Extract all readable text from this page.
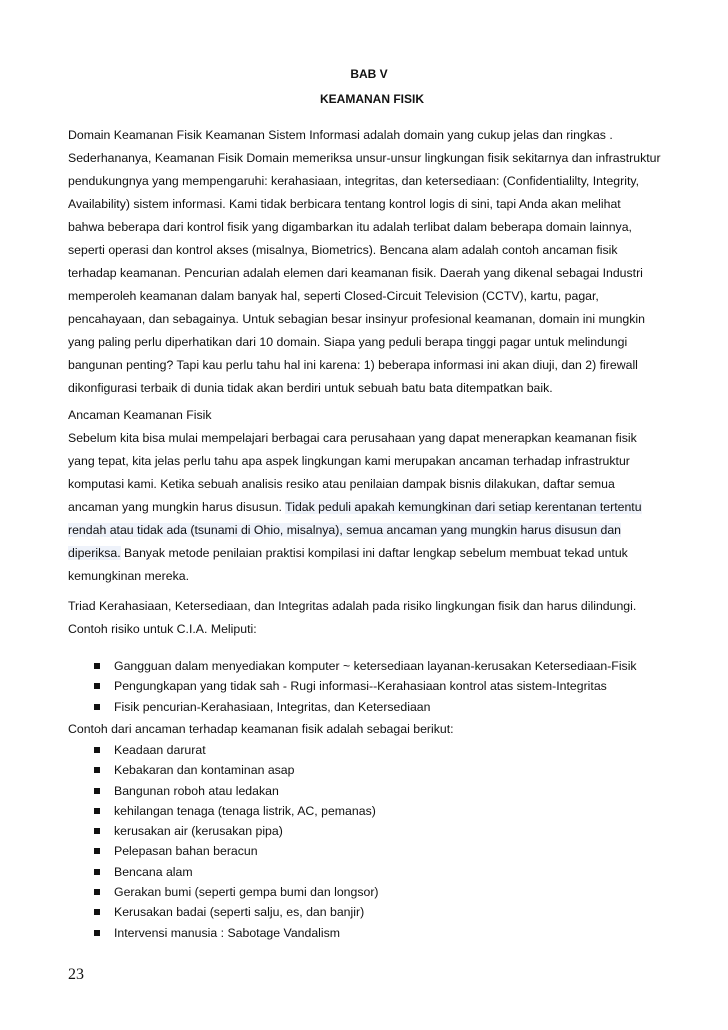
BAB V
KEAMANAN FISIK
Domain Keamanan Fisik Keamanan Sistem Informasi adalah domain yang cukup jelas dan ringkas .
Sederhananya, Keamanan Fisik Domain memeriksa unsur-unsur lingkungan fisik sekitarnya dan infrastruktur
pendukungnya yang mempengaruhi: kerahasiaan, integritas, dan ketersediaan: (Confidentialilty, Integrity,
Availability) sistem informasi. Kami tidak berbicara tentang kontrol logis di sini, tapi Anda akan melihat
bahwa beberapa dari kontrol fisik yang digambarkan itu adalah terlibat dalam beberapa domain lainnya,
seperti operasi dan kontrol akses (misalnya, Biometrics). Bencana alam adalah contoh ancaman fisik
terhadap keamanan. Pencurian adalah elemen dari keamanan fisik. Daerah yang dikenal sebagai Industri
memperoleh keamanan dalam banyak hal, seperti Closed-Circuit Television (CCTV), kartu, pagar,
pencahayaan, dan sebagainya. Untuk sebagian besar insinyur profesional keamanan, domain ini mungkin
yang paling perlu diperhatikan dari 10 domain. Siapa yang peduli berapa tinggi pagar untuk melindungi
bangunan penting? Tapi kau perlu tahu hal ini karena: 1) beberapa informasi ini akan diuji, dan 2) firewall
dikonfigurasi terbaik di dunia tidak akan berdiri untuk sebuah batu bata ditempatkan baik.
Ancaman Keamanan Fisik
Sebelum kita bisa mulai mempelajari berbagai cara perusahaan yang dapat menerapkan keamanan fisik
yang tepat, kita jelas perlu tahu apa aspek lingkungan kami merupakan ancaman terhadap infrastruktur
komputasi kami. Ketika sebuah analisis resiko atau penilaian dampak bisnis dilakukan, daftar semua
ancaman yang mungkin harus disusun. Tidak peduli apakah kemungkinan dari setiap kerentanan tertentu
rendah atau tidak ada (tsunami di Ohio, misalnya), semua ancaman yang mungkin harus disusun dan
diperiksa. Banyak metode penilaian praktisi kompilasi ini daftar lengkap sebelum membuat tekad untuk
kemungkinan mereka.
Triad Kerahasiaan, Ketersediaan, dan Integritas adalah pada risiko lingkungan fisik dan harus dilindungi.
Contoh risiko untuk C.I.A. Meliputi:
Gangguan dalam menyediakan komputer ~ ketersediaan layanan-kerusakan Ketersediaan-Fisik
Pengungkapan yang tidak sah - Rugi informasi--Kerahasiaan kontrol atas sistem-Integritas
Fisik pencurian-Kerahasiaan, Integritas, dan Ketersediaan
Contoh dari ancaman terhadap keamanan fisik adalah sebagai berikut:
Keadaan darurat
Kebakaran dan kontaminan asap
Bangunan roboh atau ledakan
kehilangan tenaga (tenaga listrik, AC, pemanas)
kerusakan air (kerusakan pipa)
Pelepasan bahan beracun
Bencana alam
Gerakan bumi (seperti gempa bumi dan longsor)
Kerusakan badai (seperti salju, es, dan banjir)
Intervensi manusia : Sabotage Vandalism
23
